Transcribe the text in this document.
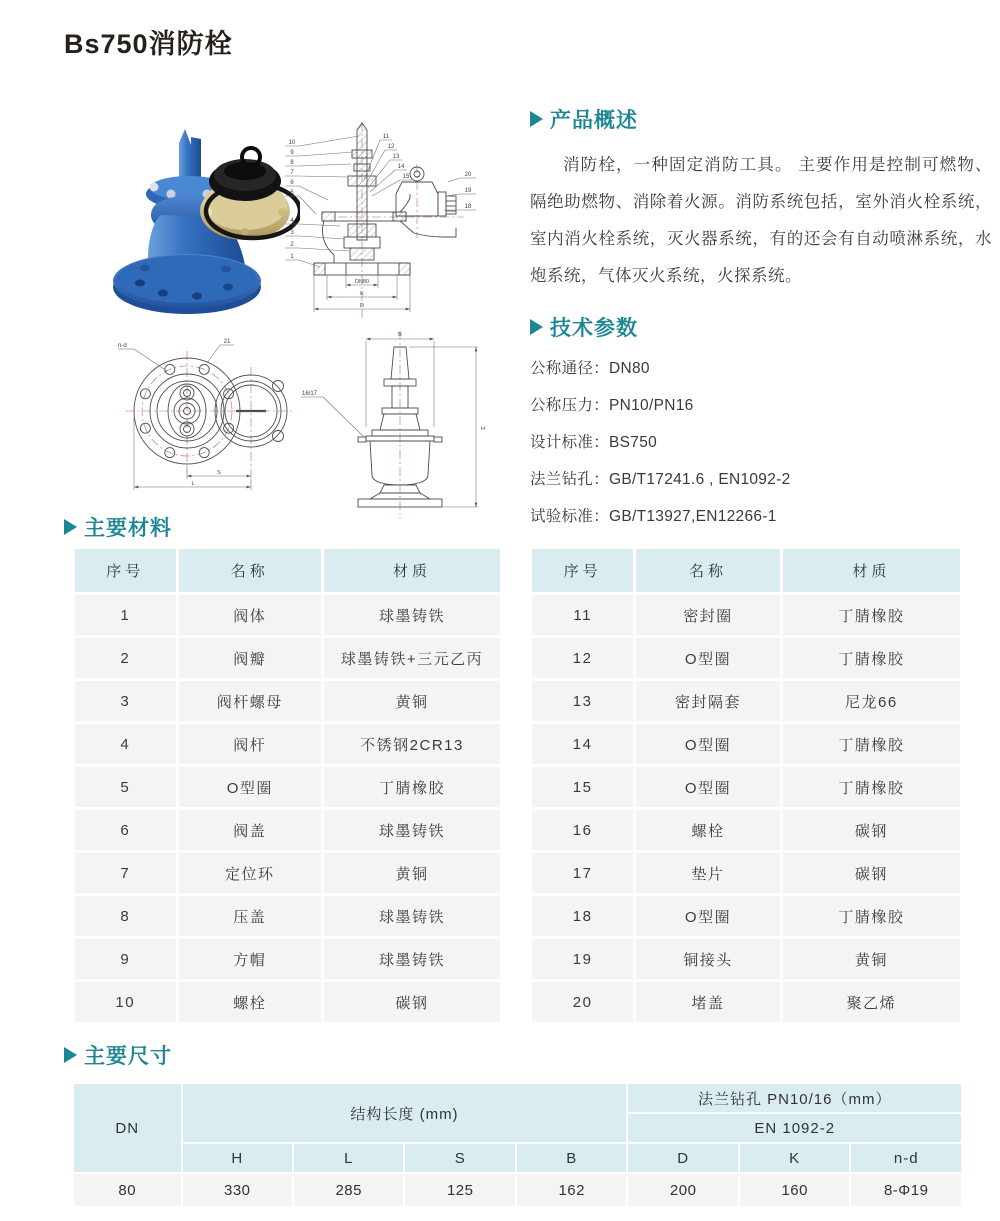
Bs750消防栓
10
9
8
7
6
5
4
3
2
1
11
12
13
14
15	20
19
18
DN80
K
D
n-d
21
S
L
B
H
16/17
产品概述

消防栓，一种固定消防工具。 主要作用是控制可燃物、隔绝助燃物、消除着火源。消防系统包括，室外消火栓系统，室内消火栓系统，灭火器系统，有的还会有自动喷淋系统，水炮系统，气体灭火系统，火探系统。

技术参数
公称通径：DN80
公称压力：PN10/PN16
设计标准：BS750
法兰钻孔：GB/T17241.6 , EN1092-2
试验标准：GB/T13927,EN12266-1
主要材料
序号	名称	材质
1	阀体	球墨铸铁
2	阀瓣	球墨铸铁+三元乙丙
3	阀杆螺母	黄铜
4	阀杆	不锈钢2CR13
5	O型圈	丁腈橡胶
6	阀盖	球墨铸铁
7	定位环	黄铜
8	压盖	球墨铸铁
9	方帽	球墨铸铁
10	螺栓	碳钢
序号	名称	材质
11	密封圈	丁腈橡胶
12	O型圈	丁腈橡胶
13	密封隔套	尼龙66
14	O型圈	丁腈橡胶
15	O型圈	丁腈橡胶
16	螺栓	碳钢
17	垫片	碳钢
18	O型圈	丁腈橡胶
19	铜接头	黄铜
20	堵盖	聚乙烯
主要尺寸
DN	结构长度 (mm)				法兰钻孔 PN10/16（mm）		
					EN 1092-2		
	H	L	S	B	D	K	n-d
80	330	285	125	162	200	160	8-Φ19
